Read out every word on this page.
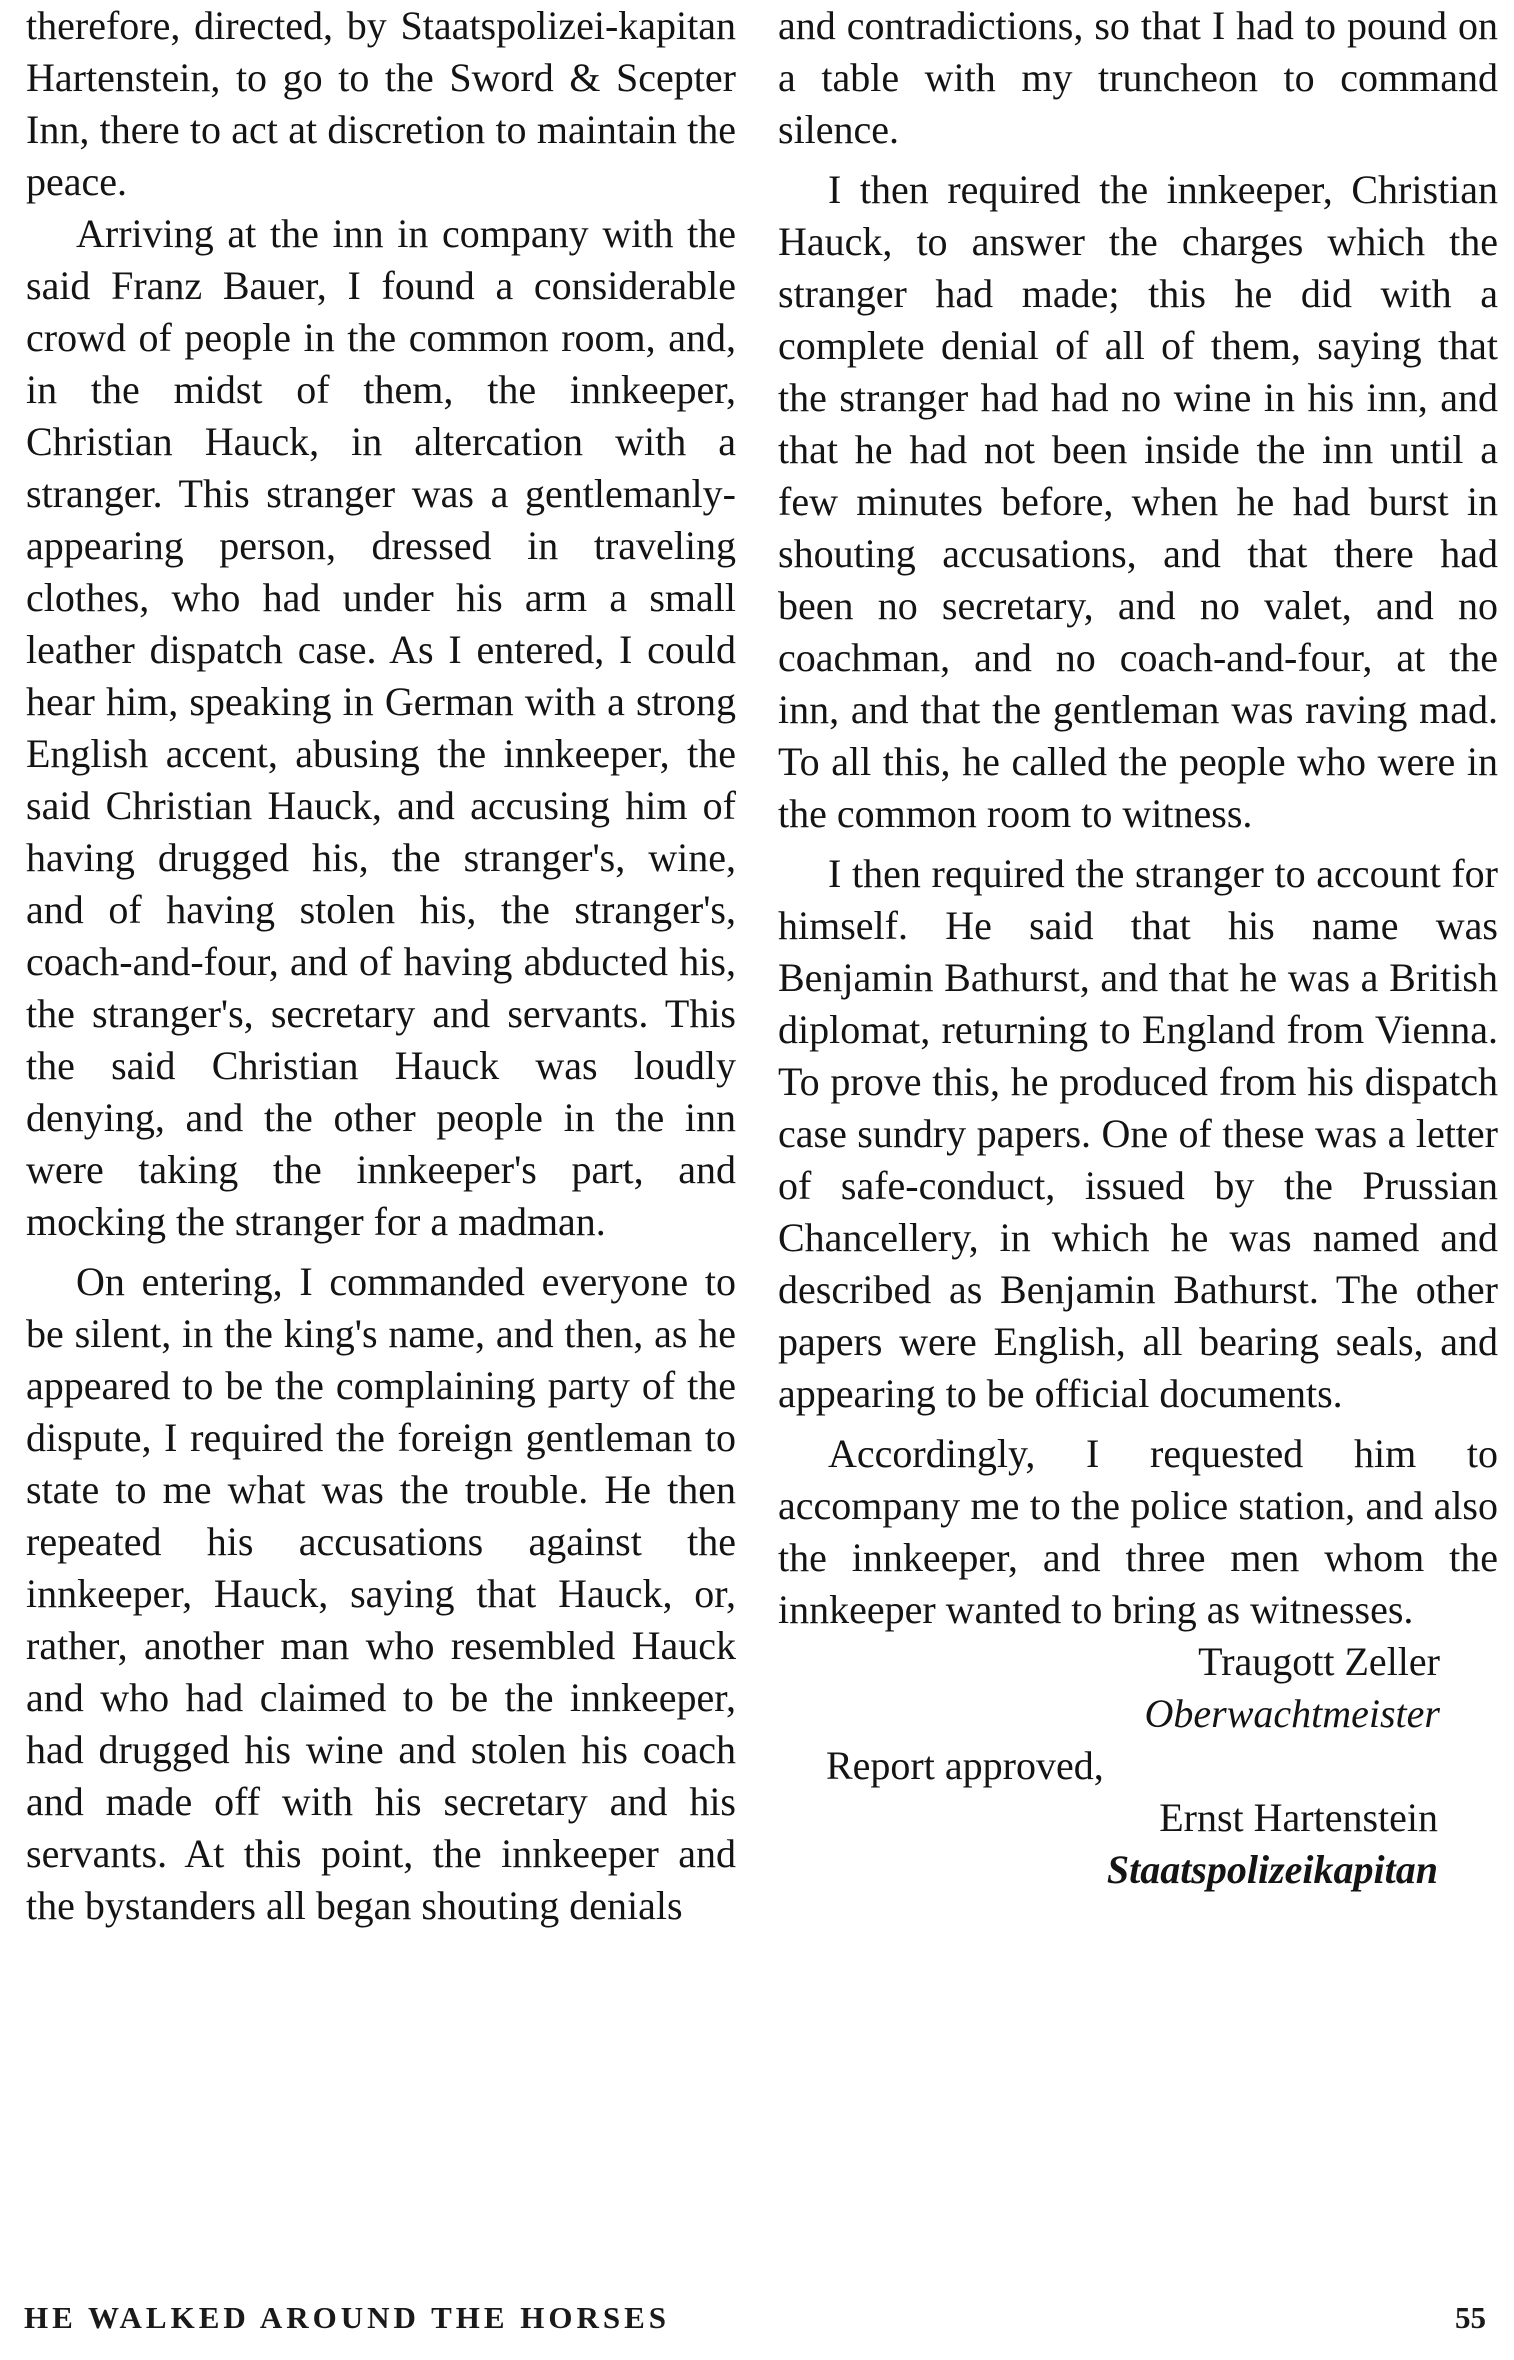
therefore, directed, by Staatspolizei-kapitan Hartenstein, to go to the Sword & Scepter Inn, there to act at discretion to maintain the peace.

Arriving at the inn in company with the said Franz Bauer, I found a considerable crowd of people in the common room, and, in the midst of them, the innkeeper, Christian Hauck, in altercation with a stranger. This stranger was a gentlemanly-appearing person, dressed in traveling clothes, who had under his arm a small leather dispatch case. As I entered, I could hear him, speaking in German with a strong English accent, abusing the innkeeper, the said Christian Hauck, and accusing him of having drugged his, the stranger's, wine, and of having stolen his, the stranger's, coach-and-four, and of having abducted his, the stranger's, secretary and servants. This the said Christian Hauck was loudly denying, and the other people in the inn were taking the innkeeper's part, and mocking the stranger for a madman.

On entering, I commanded everyone to be silent, in the king's name, and then, as he appeared to be the complaining party of the dispute, I required the foreign gentleman to state to me what was the trouble. He then repeated his accusations against the innkeeper, Hauck, saying that Hauck, or, rather, another man who resembled Hauck and who had claimed to be the innkeeper, had drugged his wine and stolen his coach and made off with his secretary and his servants. At this point, the innkeeper and the bystanders all began shouting denials

and contradictions, so that I had to pound on a table with my truncheon to command silence.

I then required the innkeeper, Christian Hauck, to answer the charges which the stranger had made; this he did with a complete denial of all of them, saying that the stranger had had no wine in his inn, and that he had not been inside the inn until a few minutes before, when he had burst in shouting accusations, and that there had been no secretary, and no valet, and no coachman, and no coach-and-four, at the inn, and that the gentleman was raving mad. To all this, he called the people who were in the common room to witness.

I then required the stranger to account for himself. He said that his name was Benjamin Bathurst, and that he was a British diplomat, returning to England from Vienna. To prove this, he produced from his dispatch case sundry papers. One of these was a letter of safe-conduct, issued by the Prussian Chancellery, in which he was named and described as Benjamin Bathurst. The other papers were English, all bearing seals, and appearing to be official documents.

Accordingly, I requested him to accompany me to the police station, and also the innkeeper, and three men whom the innkeeper wanted to bring as witnesses.

Traugott Zeller
Oberwachtmeister
Report approved,
Ernst Hartenstein
Staatspolizeikapitan
HE WALKED AROUND THE HORSES	55
